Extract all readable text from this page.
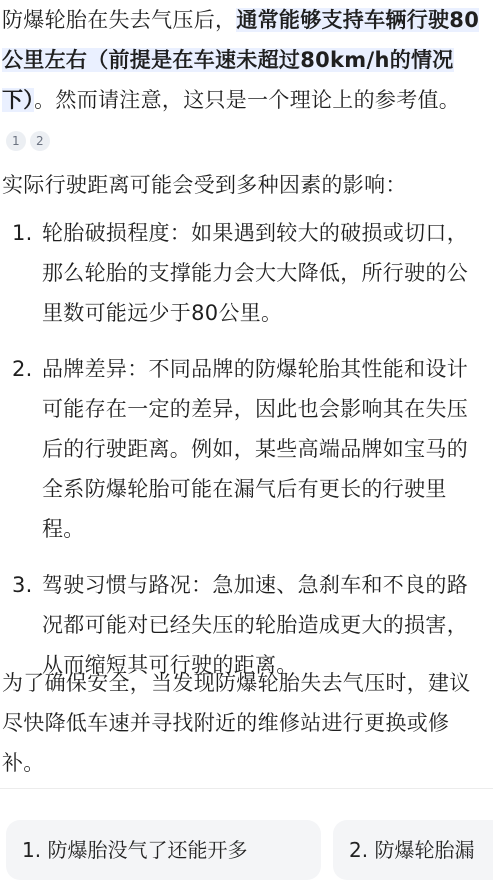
防爆轮胎在失去气压后，通常能够支持车辆行驶80公里左右（前提是在车速未超过80km/h的情况下）。然而请注意，这只是一个理论上的参考值。1 2

实际行驶距离可能会受到多种因素的影响：

1. 轮胎破损程度：如果遇到较大的破损或切口，那么轮胎的支撑能力会大大降低，所行驶的公里数可能远少于80公里。
2. 品牌差异：不同品牌的防爆轮胎其性能和设计可能存在一定的差异，因此也会影响其在失压后的行驶距离。例如，某些高端品牌如宝马的全系防爆轮胎可能在漏气后有更长的行驶里程。
3. 驾驶习惯与路况：急加速、急刹车和不良的路况都可能对已经失压的轮胎造成更大的损害，从而缩短其可行驶的距离。

为了确保安全，当发现防爆轮胎失去气压时，建议尽快降低车速并寻找附近的维修站进行更换或修补。

1. 防爆胎没气了还能开多	2. 防爆轮胎漏
